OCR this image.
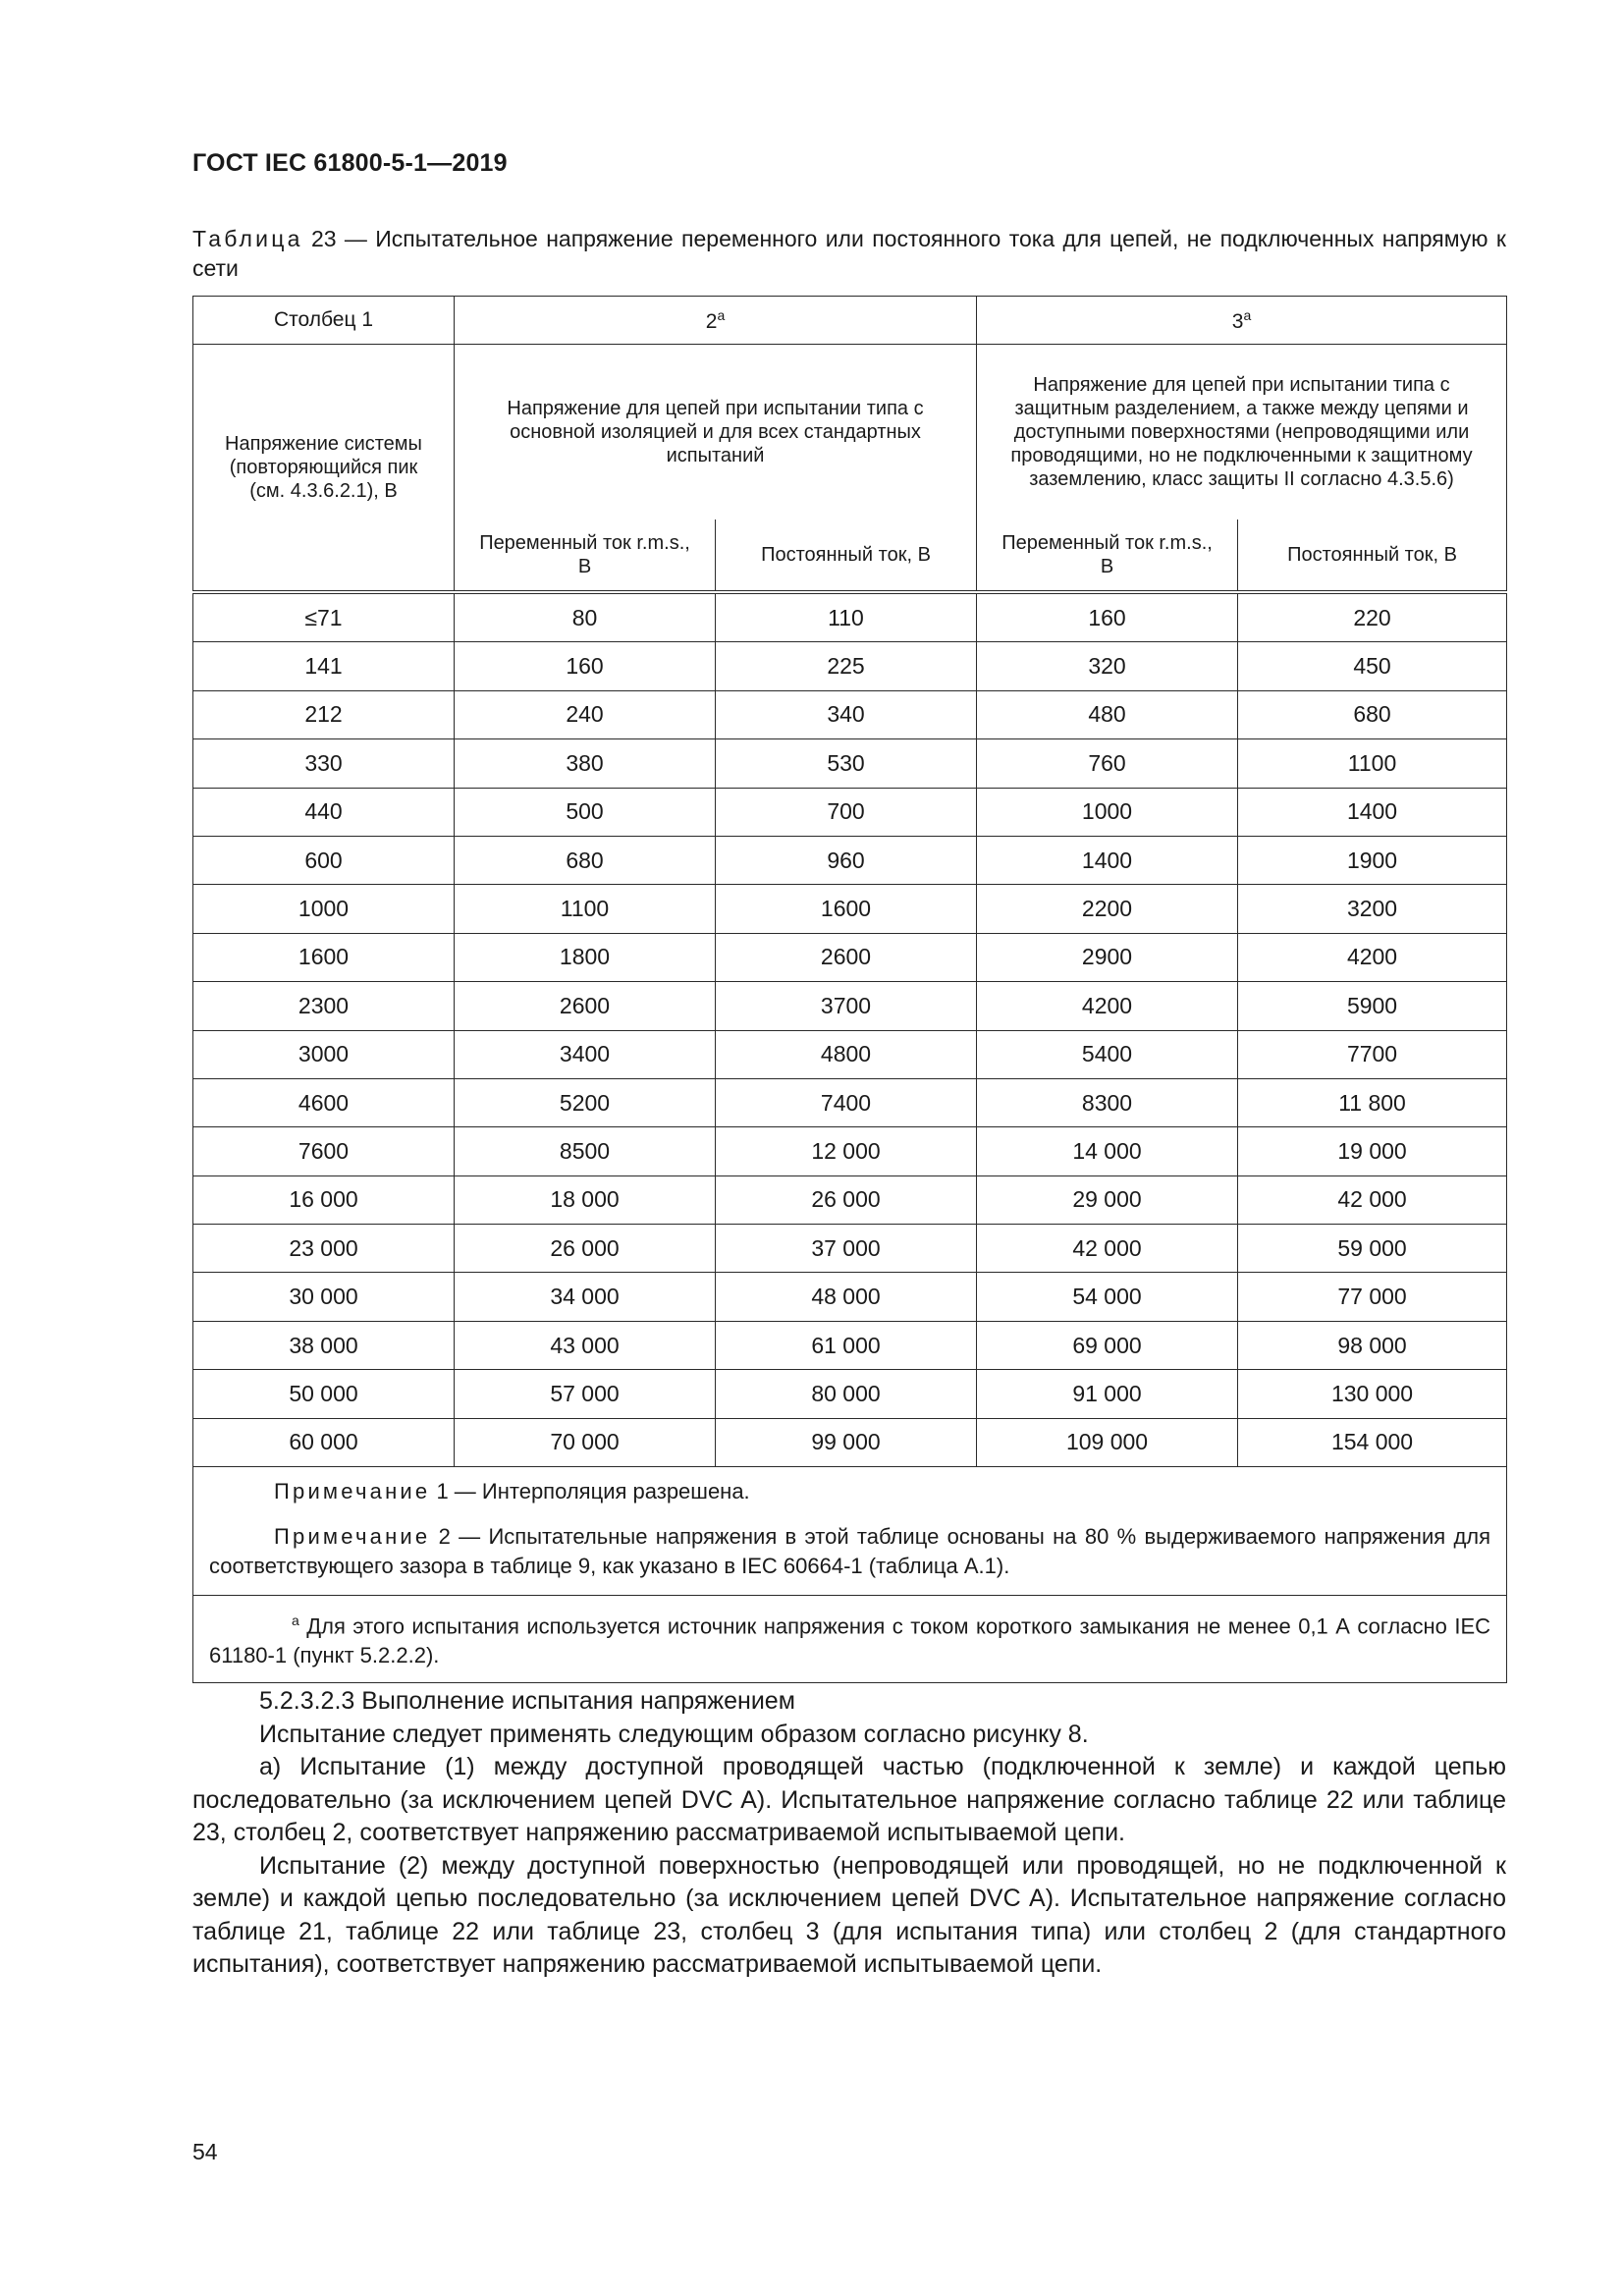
ГОСТ IEC 61800-5-1—2019
Таблица 23 — Испытательное напряжение переменного или постоянного тока для цепей, не подключенных напрямую к сети
Столбец 1	2$^a$		3$^a$
Напряжение системы (повторяющийся пик (см. 4.3.6.2.1), В	Напряжение для цепей при испытании типа с основной изоляцией и для всех стандартных испытаний		Напряжение для цепей при испытании типа с защитным разделением, а также между цепями и доступными поверхностями (непроводящими или проводящими, но не подключенными к защитному заземлению, класс защиты II согласно 4.3.5.6)	
	Переменный ток r.m.s., В	Постоянный ток, В	Переменный ток r.m.s., В	Постоянный ток, В
≤71	80	110	160	220
141	160	225	320	450
212	240	340	480	680
330	380	530	760	1100
440	500	700	1000	1400
600	680	960	1400	1900
1000	1100	1600	2200	3200
1600	1800	2600	2900	4200
2300	2600	3700	4200	5900
3000	3400	4800	5400	7700
4600	5200	7400	8300	11 800
7600	8500	12 000	14 000	19 000
16 000	18 000	26 000	29 000	42 000
23 000	26 000	37 000	42 000	59 000
30 000	34 000	48 000	54 000	77 000
38 000	43 000	61 000	69 000	98 000
50 000	57 000	80 000	91 000	130 000
60 000	70 000	99 000	109 000	154 000

Примечание 1 — Интерполяция разрешена.
Примечание 2 — Испытательные напряжения в этой таблице основаны на 80 % выдерживаемого напряжения для соответствующего зазора в таблице 9, как указано в IEC 60664-1 (таблица А.1).				

$^a$ Для этого испытания используется источник напряжения с током короткого замыкания не менее 0,1 А согласно IEC 61180-1 (пункт 5.2.2.2).				

5.2.3.2.3 Выполнение испытания напряжением

Испытание следует применять следующим образом согласно рисунку 8.

а) Испытание (1) между доступной проводящей частью (подключенной к земле) и каждой цепью последовательно (за исключением цепей DVC A). Испытательное напряжение согласно таблице 22 или таблице 23, столбец 2, соответствует напряжению рассматриваемой испытываемой цепи.

Испытание (2) между доступной поверхностью (непроводящей или проводящей, но не подключенной к земле) и каждой цепью последовательно (за исключением цепей DVC A). Испытательное напряжение согласно таблице 21, таблице 22 или таблице 23, столбец 3 (для испытания типа) или столбец 2 (для стандартного испытания), соответствует напряжению рассматриваемой испытываемой цепи.

54
